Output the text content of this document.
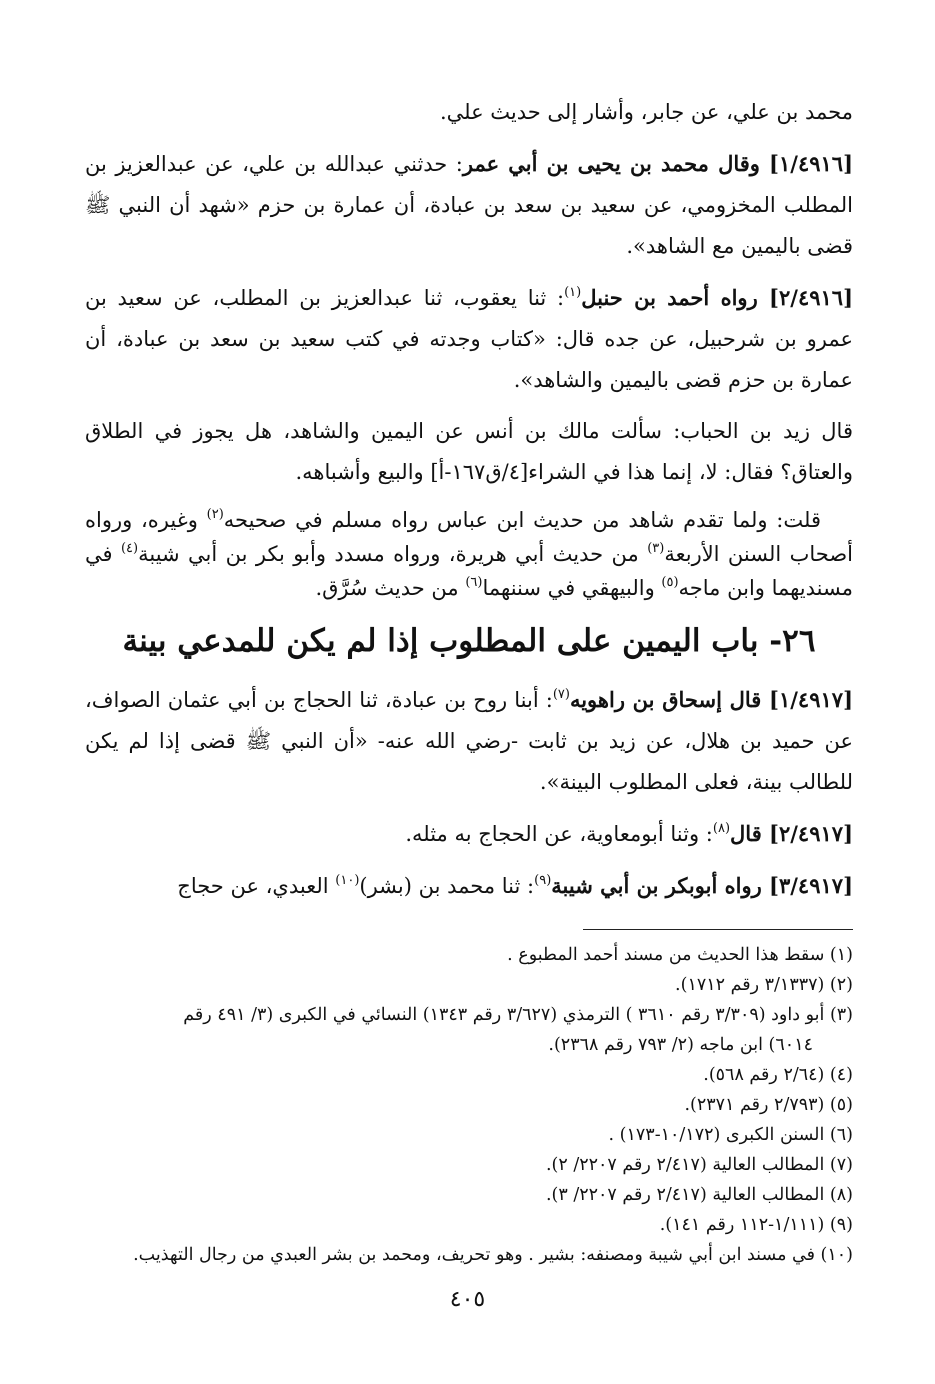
محمد بن علي، عن جابر، وأشار إلى حديث علي.

[١/٤٩١٦] وقال محمد بن يحيى بن أبي عمر: حدثني عبدالله بن علي، عن عبدالعزيز بن المطلب المخزومي، عن سعيد بن سعد بن عبادة، أن عمارة بن حزم «شهد أن النبي ﷺ قضى باليمين مع الشاهد».

[٢/٤٩١٦] رواه أحمد بن حنبل$^{(١)}$: ثنا يعقوب، ثنا عبدالعزيز بن المطلب، عن سعيد بن عمرو بن شرحبيل، عن جده قال: «كتاب وجدته في كتب سعيد بن سعد بن عبادة، أن عمارة بن حزم قضى باليمين والشاهد».

قال زيد بن الحباب: سألت مالك بن أنس عن اليمين والشاهد، هل يجوز في الطلاق والعتاق؟ فقال: لا، إنما هذا في الشراء[٤/ق١٦٧-أ] والبيع وأشباهه.

قلت: ولما تقدم شاهد من حديث ابن عباس رواه مسلم في صحيحه$^{(٢)}$ وغيره، ورواه أصحاب السنن الأربعة$^{(٣)}$ من حديث أبي هريرة، ورواه مسدد وأبو بكر بن أبي شيبة$^{(٤)}$ في مسنديهما وابن ماجه$^{(٥)}$ والبيهقي في سننهما$^{(٦)}$ من حديث سُرَّق.

٢٦- باب اليمين على المطلوب إذا لم يكن للمدعي بينة

[١/٤٩١٧] قال إسحاق بن راهويه$^{(٧)}$: أبنا روح بن عبادة، ثنا الحجاج بن أبي عثمان الصواف، عن حميد بن هلال، عن زيد بن ثابت -رضي الله عنه- «أن النبي ﷺ قضى إذا لم يكن للطالب بينة، فعلى المطلوب البينة».

[٢/٤٩١٧] قال$^{(٨)}$: وثنا أبومعاوية، عن الحجاج به مثله.

[٣/٤٩١٧] رواه أبوبكر بن أبي شيبة$^{(٩)}$: ثنا محمد بن (بشر)$^{(١٠)}$ العبدي، عن حجاج

(١) سقط هذا الحديث من مسند أحمد المطبوع .

(٢) (٣/١٣٣٧ رقم ١٧١٢).

(٣) أبو داود (٣/٣٠٩ رقم ٣٦١٠ ) الترمذي (٣/٦٢٧ رقم ١٣٤٣) النسائي في الكبرى (٣/ ٤٩١ رقم
٦٠١٤) ابن ماجه (٢/ ٧٩٣ رقم ٢٣٦٨).

(٤) (٢/٦٤ رقم ٥٦٨).

(٥) (٢/٧٩٣ رقم ٢٣٧١).

(٦) السنن الكبرى (١٠/١٧٢-١٧٣) .

(٧) المطالب العالية (٢/٤١٧ رقم ٢٢٠٧/ ٢).

(٨) المطالب العالية (٢/٤١٧ رقم ٢٢٠٧/ ٣).

(٩) (١/١١١-١١٢ رقم ١٤١).

(١٠) في مسند ابن أبي شيبة ومصنفه: بشير . وهو تحريف، ومحمد بن بشر العبدي من رجال التهذيب.

٤٠٥
